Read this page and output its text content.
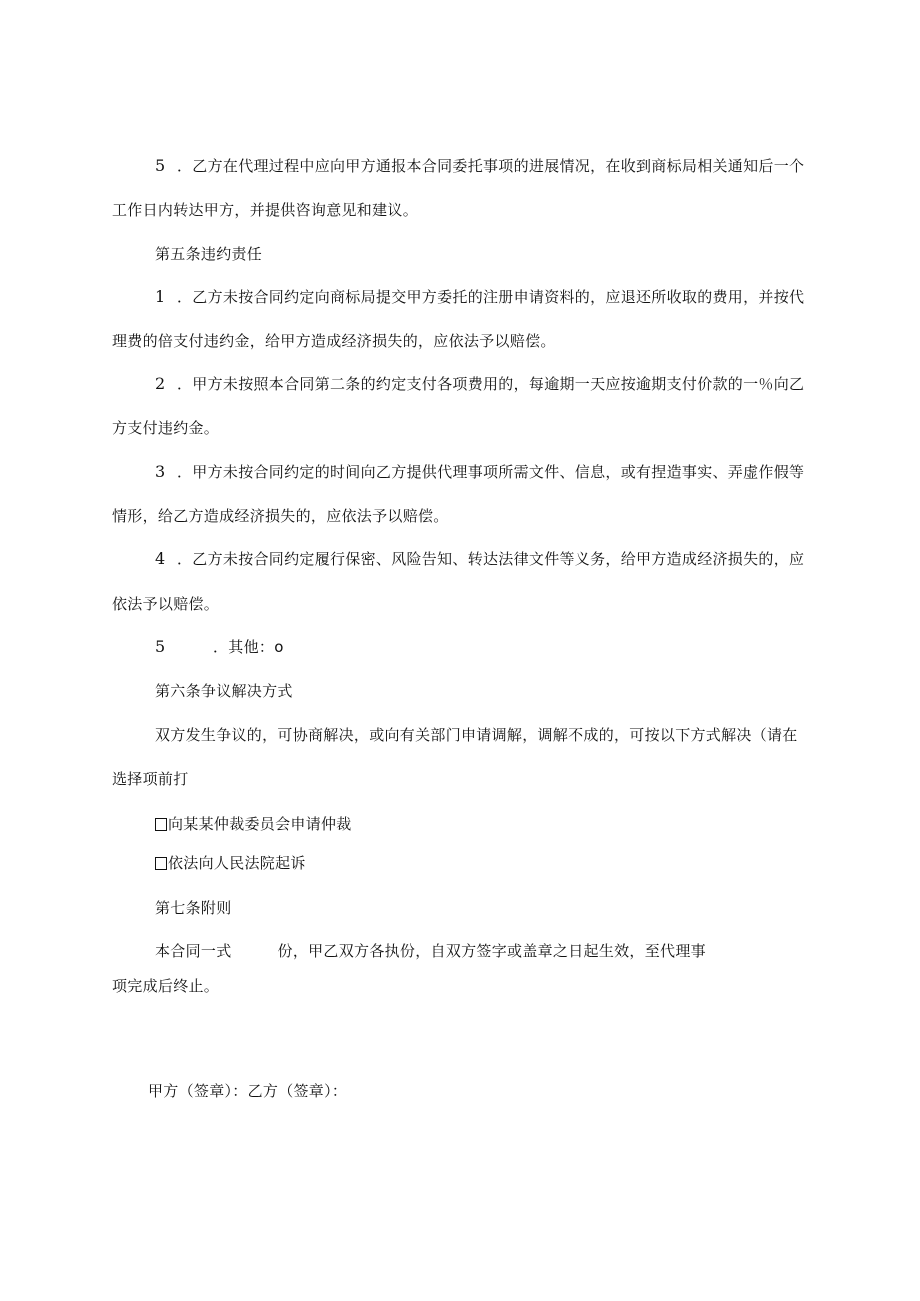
5 ．乙方在代理过程中应向甲方通报本合同委托事项的进展情况，在收到商标局相关通知后一个
工作日内转达甲方，并提供咨询意见和建议。
第五条违约责任
1 ．乙方未按合同约定向商标局提交甲方委托的注册申请资料的，应退还所收取的费用，并按代
理费的倍支付违约金，给甲方造成经济损失的，应依法予以赔偿。
2 ．甲方未按照本合同第二条的约定支付各项费用的，每逾期一天应按逾期支付价款的一％向乙
方支付违约金。
3 ．甲方未按合同约定的时间向乙方提供代理事项所需文件、信息，或有捏造事实、弄虚作假等
情形，给乙方造成经济损失的，应依法予以赔偿。
4 ．乙方未按合同约定履行保密、风险告知、转达法律文件等义务，给甲方造成经济损失的，应
依法予以赔偿。
5	．其他：o
第六条争议解决方式
双方发生争议的，可协商解决，或向有关部门申请调解，调解不成的，可按以下方式解决（请在
选择项前打
向某某仲裁委员会申请仲裁
依法向人民法院起诉
第七条附则
本合同一式	份，甲乙双方各执份，自双方签字或盖章之日起生效，至代理事
项完成后终止。
甲方（签章）：乙方（签章）：
